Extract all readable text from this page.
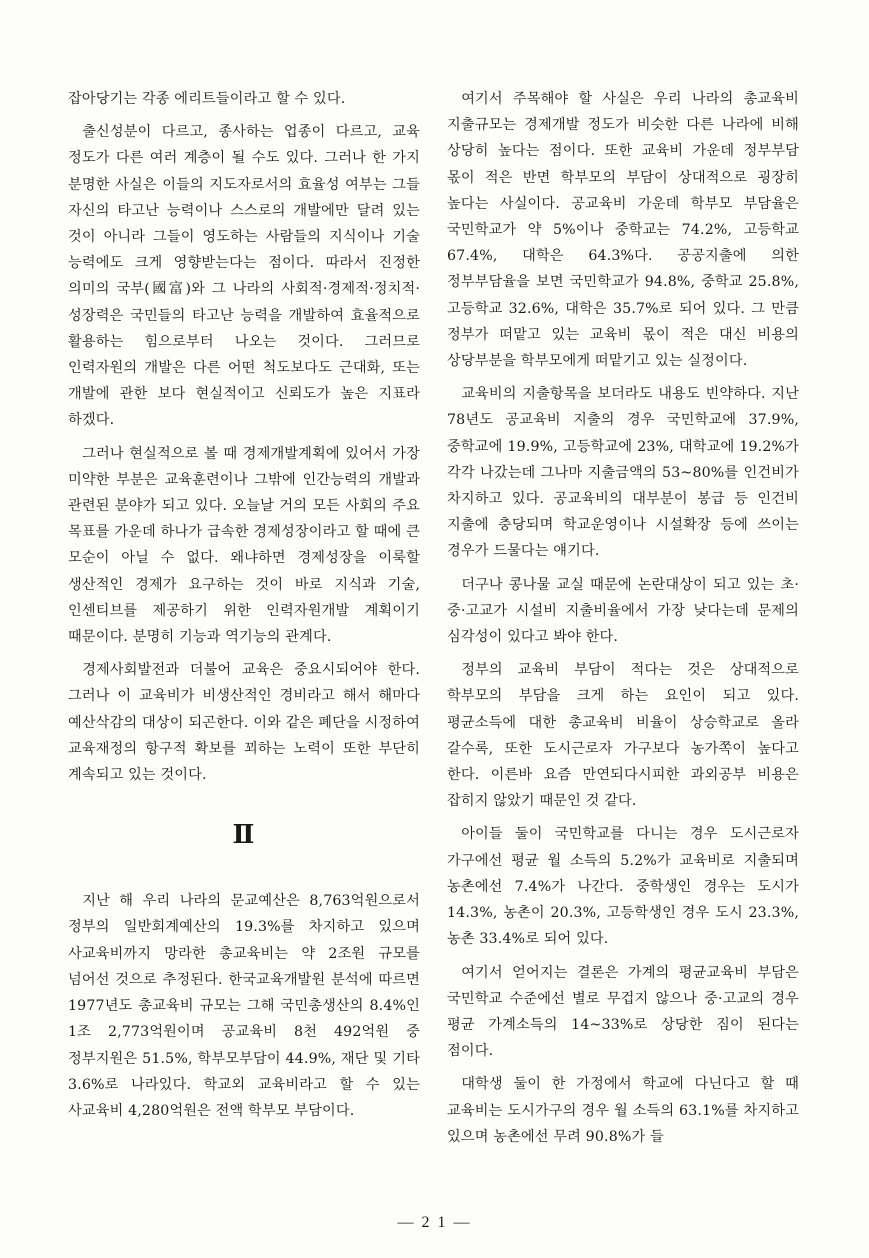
잡아당기는 각종 에리트들이라고 할 수 있다.

출신성분이 다르고, 종사하는 업종이 다르고, 교육 정도가 다른 여러 계층이 될 수도 있다. 그러나 한 가지 분명한 사실은 이들의 지도자로서의 효율성 여부는 그들 자신의 타고난 능력이나 스스로의 개발에만 달려 있는 것이 아니라 그들이 영도하는 사람들의 지식이나 기술 능력에도 크게 영향받는다는 점이다. 따라서 진정한 의미의 국부(國富)와 그 나라의 사회적·경제적·정치적·성장력은 국민들의 타고난 능력을 개발하여 효율적으로 활용하는 힘으로부터 나오는 것이다. 그러므로 인력자원의 개발은 다른 어떤 척도보다도 근대화, 또는 개발에 관한 보다 현실적이고 신뢰도가 높은 지표라 하겠다.

그러나 현실적으로 볼 때 경제개발계획에 있어서 가장 미약한 부분은 교육훈련이나 그밖에 인간능력의 개발과 관련된 분야가 되고 있다. 오늘날 거의 모든 사회의 주요 목표를 가운데 하나가 급속한 경제성장이라고 할 때에 큰 모순이 아닐 수 없다. 왜냐하면 경제성장을 이룩할 생산적인 경제가 요구하는 것이 바로 지식과 기술, 인센티브를 제공하기 위한 인력자원개발 계획이기 때문이다. 분명히 기능과 역기능의 관계다.

경제사회발전과 더불어 교육은 중요시되어야 한다. 그러나 이 교육비가 비생산적인 경비라고 해서 해마다 예산삭감의 대상이 되곤한다. 이와 같은 폐단을 시정하여 교육재정의 항구적 확보를 꾀하는 노력이 또한 부단히 계속되고 있는 것이다.

Ⅱ

지난 해 우리 나라의 문교예산은 8,763억원으로서 정부의 일반회계예산의 19.3%를 차지하고 있으며 사교육비까지 망라한 총교육비는 약 2조원 규모를 넘어선 것으로 추정된다. 한국교육개발원 분석에 따르면 1977년도 총교육비 규모는 그해 국민총생산의 8.4%인 1조 2,773억원이며 공교육비 8천 492억원 중 정부지원은 51.5%, 학부모부담이 44.9%, 재단 및 기타 3.6%로 나라있다. 학교외 교육비라고 할 수 있는 사교육비 4,280억원은 전액 학부모 부담이다.

여기서 주목해야 할 사실은 우리 나라의 총교육비 지출규모는 경제개발 정도가 비슷한 다른 나라에 비해 상당히 높다는 점이다. 또한 교육비 가운데 정부부담 몫이 적은 반면 학부모의 부담이 상대적으로 굉장히 높다는 사실이다. 공교육비 가운데 학부모 부담율은 국민학교가 약 5%이나 중학교는 74.2%, 고등학교 67.4%, 대학은 64.3%다. 공공지출에 의한 정부부담율을 보면 국민학교가 94.8%, 중학교 25.8%, 고등학교 32.6%, 대학은 35.7%로 되어 있다. 그 만큼 정부가 떠맡고 있는 교육비 몫이 적은 대신 비용의 상당부분을 학부모에게 떠맡기고 있는 실정이다.

교육비의 지출항목을 보더라도 내용도 빈약하다. 지난 78년도 공교육비 지출의 경우 국민학교에 37.9%, 중학교에 19.9%, 고등학교에 23%, 대학교에 19.2%가 각각 나갔는데 그나마 지출금액의 53~80%를 인건비가 차지하고 있다. 공교육비의 대부분이 봉급 등 인건비 지출에 충당되며 학교운영이나 시설확장 등에 쓰이는 경우가 드물다는 얘기다.

더구나 콩나물 교실 때문에 논란대상이 되고 있는 초·중·고교가 시설비 지출비율에서 가장 낮다는데 문제의 심각성이 있다고 봐야 한다.

정부의 교육비 부담이 적다는 것은 상대적으로 학부모의 부담을 크게 하는 요인이 되고 있다. 평균소득에 대한 총교육비 비율이 상승학교로 올라 갈수록, 또한 도시근로자 가구보다 농가쪽이 높다고 한다. 이른바 요즘 만연되다시피한 과외공부 비용은 잡히지 않았기 때문인 것 같다.

아이들 둘이 국민학교를 다니는 경우 도시근로자 가구에선 평균 월 소득의 5.2%가 교육비로 지출되며 농촌에선 7.4%가 나간다. 중학생인 경우는 도시가 14.3%, 농촌이 20.3%, 고등학생인 경우 도시 23.3%, 농촌 33.4%로 되어 있다.

여기서 얻어지는 결론은 가계의 평균교육비 부담은 국민학교 수준에선 별로 무겁지 않으나 중·고교의 경우 평균 가계소득의 14~33%로 상당한 짐이 된다는 점이다.

대학생 둘이 한 가정에서 학교에 다닌다고 할 때 교육비는 도시가구의 경우 월 소득의 63.1%를 차지하고 있으며 농촌에선 무려 90.8%가 들

— 2 1 —
